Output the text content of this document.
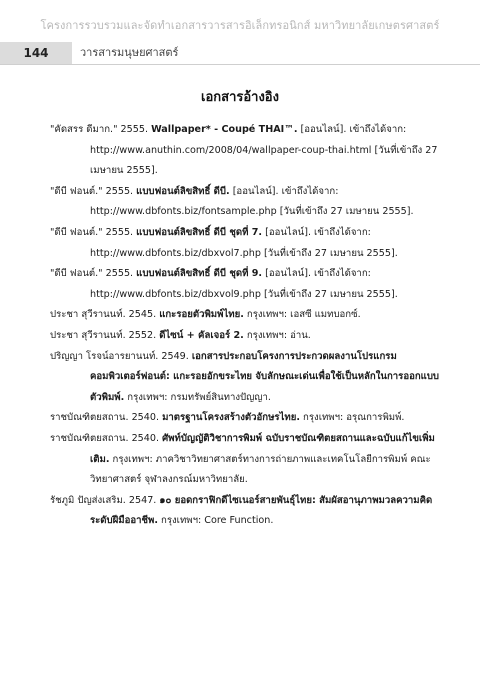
โครงการรวบรวมและจัดทำเอกสารวารสารอิเล็กทรอนิกส์ มหาวิทยาลัยเกษตรศาสตร์
144	วารสารมนุษยศาสตร์
เอกสารอ้างอิง
"คัดสรร ดีมาก." 2555. Wallpaper* - Coupé THAI™. [ออนไลน์]. เข้าถึงได้จาก: http://www.anuthin.com/2008/04/wallpaper-coup-thai.html [วันที่เข้าถึง 27 เมษายน 2555].
"ดีบี ฟอนต์." 2555. แบบฟอนต์ลิขสิทธิ์ ดีบี. [ออนไลน์]. เข้าถึงได้จาก: http://www.dbfonts.biz/fontsample.php [วันที่เข้าถึง 27 เมษายน 2555].
"ดีบี ฟอนต์." 2555. แบบฟอนต์ลิขสิทธิ์ ดีบี ชุดที่ 7. [ออนไลน์]. เข้าถึงได้จาก: http://www.dbfonts.biz/dbxvol7.php [วันที่เข้าถึง 27 เมษายน 2555].
"ดีบี ฟอนต์." 2555. แบบฟอนต์ลิขสิทธิ์ ดีบี ชุดที่ 9. [ออนไลน์]. เข้าถึงได้จาก: http://www.dbfonts.biz/dbxvol9.php [วันที่เข้าถึง 27 เมษายน 2555].
ประชา สุวีรานนท์. 2545. แกะรอยตัวพิมพ์ไทย. กรุงเทพฯ: เอสซี แมทบอกซ์.
ประชา สุวีรานนท์. 2552. ดีไซน์ + คัลเจอร์ 2. กรุงเทพฯ: อ่าน.
ปริญญา โรจน์อารยานนท์. 2549. เอกสารประกอบโครงการประกวดผลงานโปรแกรมคอมพิวเตอร์ฟอนต์: แกะรอยอักขระไทย จับลักษณะเด่นเพื่อใช้เป็นหลักในการออกแบบตัวพิมพ์. กรุงเทพฯ: กรมทรัพย์สินทางปัญญา.
ราชบัณฑิตยสถาน. 2540. มาตรฐานโครงสร้างตัวอักษรไทย. กรุงเทพฯ: อรุณการพิมพ์.
ราชบัณฑิตยสถาน. 2540. ศัพท์บัญญัติวิชาการพิมพ์ ฉบับราชบัณฑิตยสถานและฉบับแก้ไขเพิ่มเติม. กรุงเทพฯ: ภาควิชาวิทยาศาสตร์ทางการถ่ายภาพและเทคโนโลยีการพิมพ์ คณะวิทยาศาสตร์ จุฬาลงกรณ์มหาวิทยาลัย.
รัชภูมิ ปัญส่งเสริม. 2547. ๑๐ ยอดกราฟิกดีไซเนอร์สายพันธุ์ไทย: สัมผัสอานุภาพมวลความคิดระดับฝีมืออาชีพ. กรุงเทพฯ: Core Function.
